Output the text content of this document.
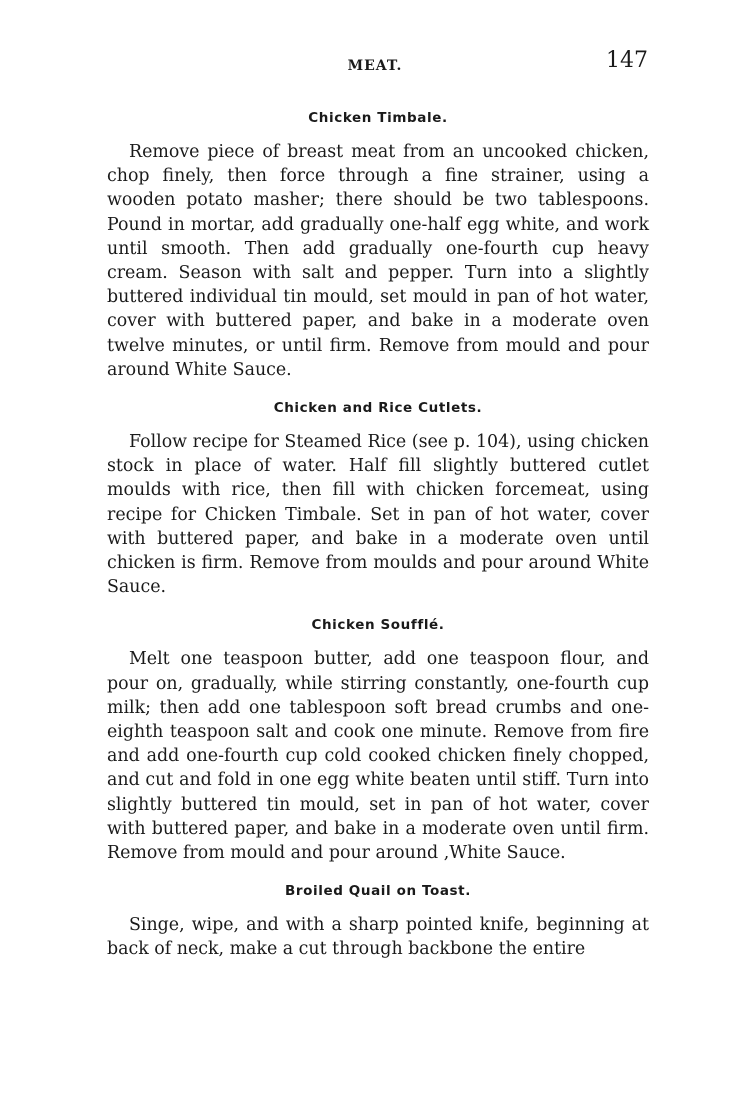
MEAT.	147
Chicken Timbale.

Remove piece of breast meat from an uncooked chicken, chop finely, then force through a fine strainer, using a wooden potato masher; there should be two tablespoons. Pound in mortar, add gradually one-half egg white, and work until smooth. Then add gradually one-fourth cup heavy cream. Season with salt and pepper. Turn into a slightly buttered individual tin mould, set mould in pan of hot water, cover with buttered paper, and bake in a moderate oven twelve minutes, or until firm. Remove from mould and pour around White Sauce.

Chicken and Rice Cutlets.

Follow recipe for Steamed Rice (see p. 104), using chicken stock in place of water. Half fill slightly buttered cutlet moulds with rice, then fill with chicken forcemeat, using recipe for Chicken Timbale. Set in pan of hot water, cover with buttered paper, and bake in a moderate oven until chicken is firm. Remove from moulds and pour around White Sauce.

Chicken Soufflé.

Melt one teaspoon butter, add one teaspoon flour, and pour on, gradually, while stirring constantly, one-fourth cup milk; then add one tablespoon soft bread crumbs and one-eighth teaspoon salt and cook one minute. Remove from fire and add one-fourth cup cold cooked chicken finely chopped, and cut and fold in one egg white beaten until stiff. Turn into slightly buttered tin mould, set in pan of hot water, cover with buttered paper, and bake in a moderate oven until firm. Remove from mould and pour around ,White Sauce.

Broiled Quail on Toast.

Singe, wipe, and with a sharp pointed knife, beginning at back of neck, make a cut through backbone the entire
